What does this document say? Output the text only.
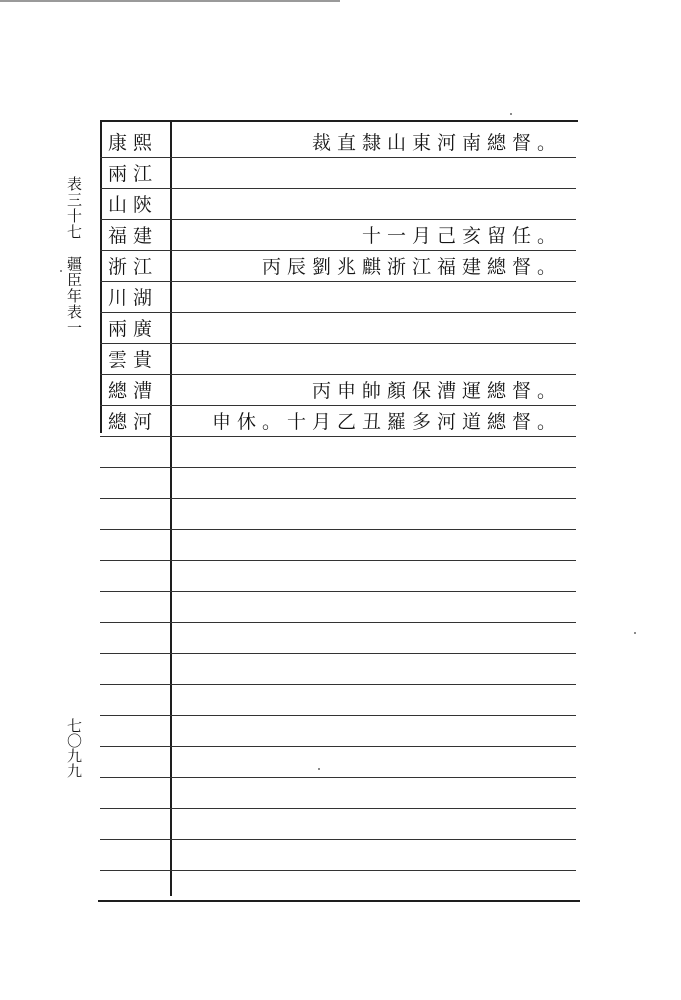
表三十七　疆臣年表一
七〇九九
康熙	裁直隸山東河南總督。
兩江
山陝
福建	十一月己亥留任。
浙江	丙辰劉兆麒浙江福建總督。
川湖
兩廣
雲貴
總漕	丙申帥顏保漕運總督。
總河	申休。十月乙丑羅多河道總督。
